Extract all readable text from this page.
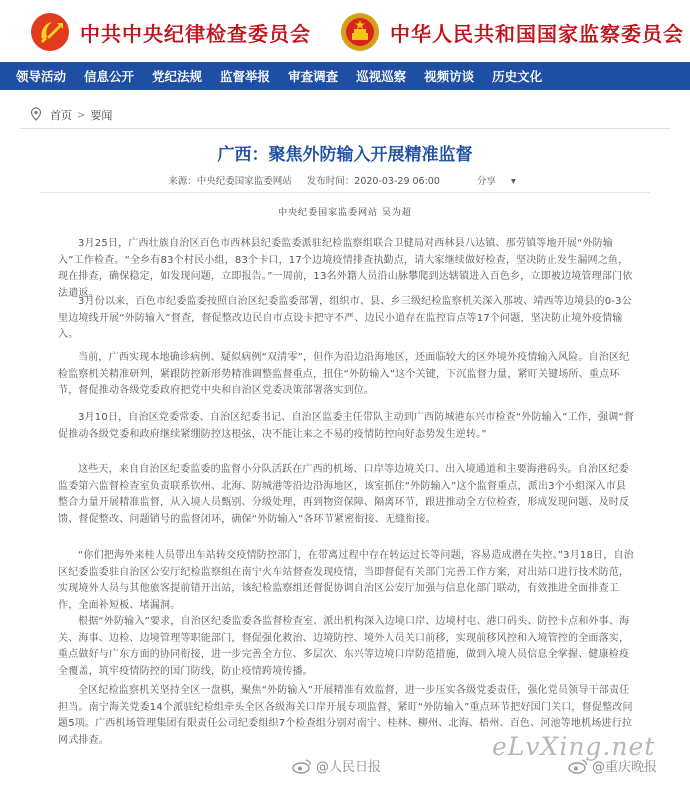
中共中央纪律检查委员会	中华人民共和国国家监察委员会
领导活动 信息公开 党纪法规 监督举报 审查调查 巡视巡察 视频访谈 历史文化
首页 > 要闻
广西：聚焦外防输入开展精准监督
来源：中央纪委国家监委网站 发布时间：2020-03-29 06:00	分享 ▾
中央纪委国家监委网站 吴为超

3月25日，广西壮族自治区百色市西林县纪委监委派驻纪检监察组联合卫健局对西林县八达镇、那劳镇等地开展“外防输入”工作检查。“全乡有83个村民小组，83个卡口，17个边境疫情排查执勤点，请大家继续做好检查，坚决防止发生漏网之鱼，现在排查，确保稳定，如发现问题，立即报告。”一周前，13名外籍人员沿山脉攀爬到达辖镇进入百色乡，立即被边境管理部门依法遣返。

3月份以来，百色市纪委监委按照自治区纪委监委部署，组织市、县、乡三级纪检监察机关深入那坡、靖西等边境县的0-3公里边境线开展“外防输入”督查，督促整改边民自市点设卡把守不严、边民小道存在监控盲点等17个问题，坚决防止境外疫情输入。

当前，广西实现本地确诊病例、疑似病例“双清零”，但作为沿边沿海地区，还面临较大的区外境外疫情输入风险。自治区纪检监察机关精准研判，紧跟防控新形势精准调整监督重点，扭住“外防输入”这个关键，下沉监督力量，紧盯关键场所、重点环节，督促推动各级党委政府把党中央和自治区党委决策部署落实到位。

3月10日，自治区党委常委、自治区纪委书记、自治区监委主任带队主动到广西防城港东兴市检查“外防输入”工作，强调“督促推动各级党委和政府继续紧绷防控这根弦，决不能让来之不易的疫情防控向好态势发生逆转。”

这些天，来自自治区纪委监委的监督小分队活跃在广西的机场、口岸等边境关口、出入境通道和主要海港码头。自治区纪委监委第六监督检查室负责联系钦州、北海、防城港等沿边沿海地区，该室抓住“外防输入”这个监督重点，派出3个小组深入市县整合力量开展精准监督，从入境人员甄别、分级处理，再到物资保障、隔离环节，跟进推动全方位检查，形成发现问题、及时反馈、督促整改、问题销号的监督闭环，确保“外防输入”各环节紧密衔接、无缝衔接。

“你们把海外来桂人员带出车站转交疫情防控部门，在带离过程中存在转运过长等问题，容易造成潜在失控。”3月18日，自治区纪委监委驻自治区公安厅纪检监察组在南宁火车站督查发现疫情，当即督促有关部门完善工作方案，对出站口进行技术防范，实现境外人员与其他旅客提前错开出站，该纪检监察组还督促协调自治区公安厅加强与信息化部门联动，有效推进全面排查工作，全面补短板、堵漏洞。

根据“外防输入”要求，自治区纪委监委各监督检查室、派出机构深入边境口岸、边境村屯、港口码头、防控卡点和外事、海关、海事、边检、边境管理等职能部门，督促强化救治、边境防控、境外人员关口前移，实现前移风控和入境管控的全面落实，重点做好与广东方面的协同衔接，进一步完善全方位、多层次、东兴等边境口岸防范措施，做到入境人员信息全掌握、健康检疫全覆盖，筑牢疫情防控的国门防线，防止疫情跨境传播。

全区纪检监察机关坚持全区一盘棋，聚焦“外防输入”开展精准有效监督，进一步压实各级党委责任，强化党员领导干部责任担当。南宁海关党委14个派驻纪检组牵头全区各级海关口岸开展专项监督，紧盯“外防输入”重点环节把好国门关口，督促整改问题5项。广西机场管理集团有限责任公司纪委组织7个检查组分别对南宁、桂林、柳州、北海、梧州、百色、河池等地机场进行拉网式排查。	eLvXing.net
@人民日报	@重庆晚报
